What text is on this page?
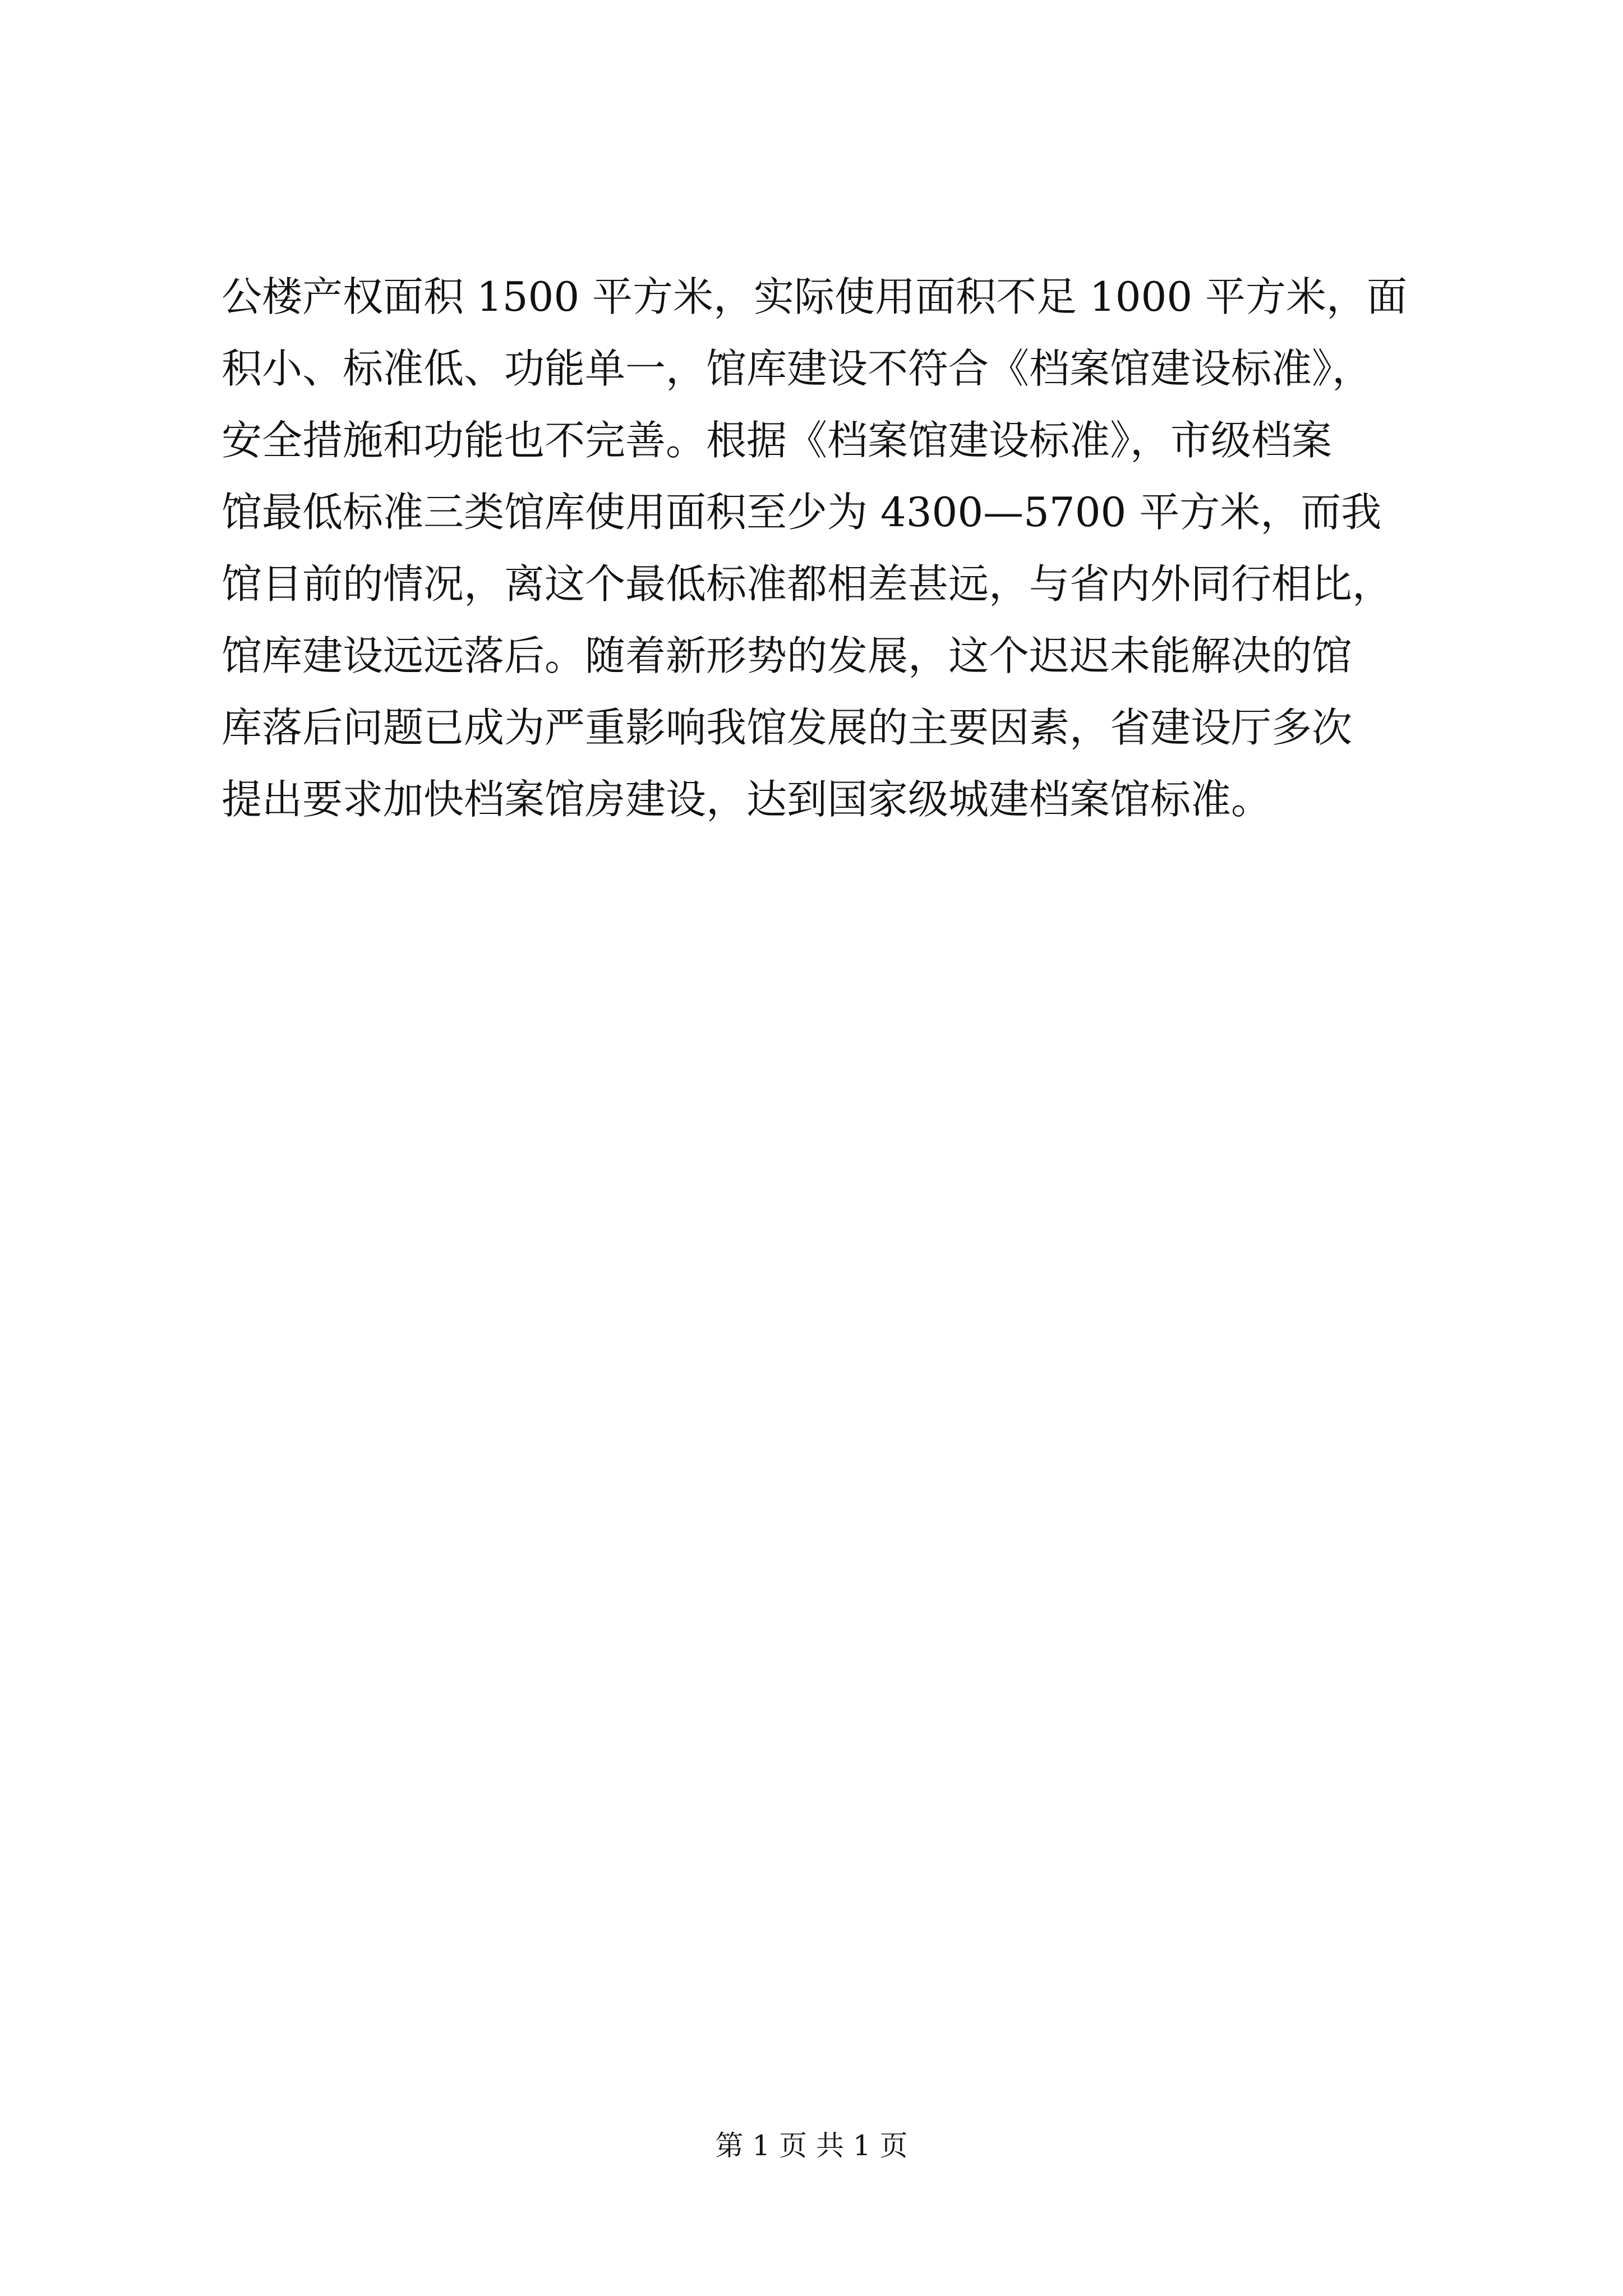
公楼产权面积 1500 平方米，实际使用面积不足 1000 平方米，面
积小、标准低、功能单一，馆库建设不符合《档案馆建设标准》，
安全措施和功能也不完善。根据《档案馆建设标准》，市级档案
馆最低标准三类馆库使用面积至少为 4300—5700 平方米，而我
馆目前的情况，离这个最低标准都相差甚远，与省内外同行相比，
馆库建设远远落后。随着新形势的发展，这个迟迟未能解决的馆
库落后问题已成为严重影响我馆发展的主要因素，省建设厅多次
提出要求加快档案馆房建设，达到国家级城建档案馆标准。
第 1 页 共 1 页
